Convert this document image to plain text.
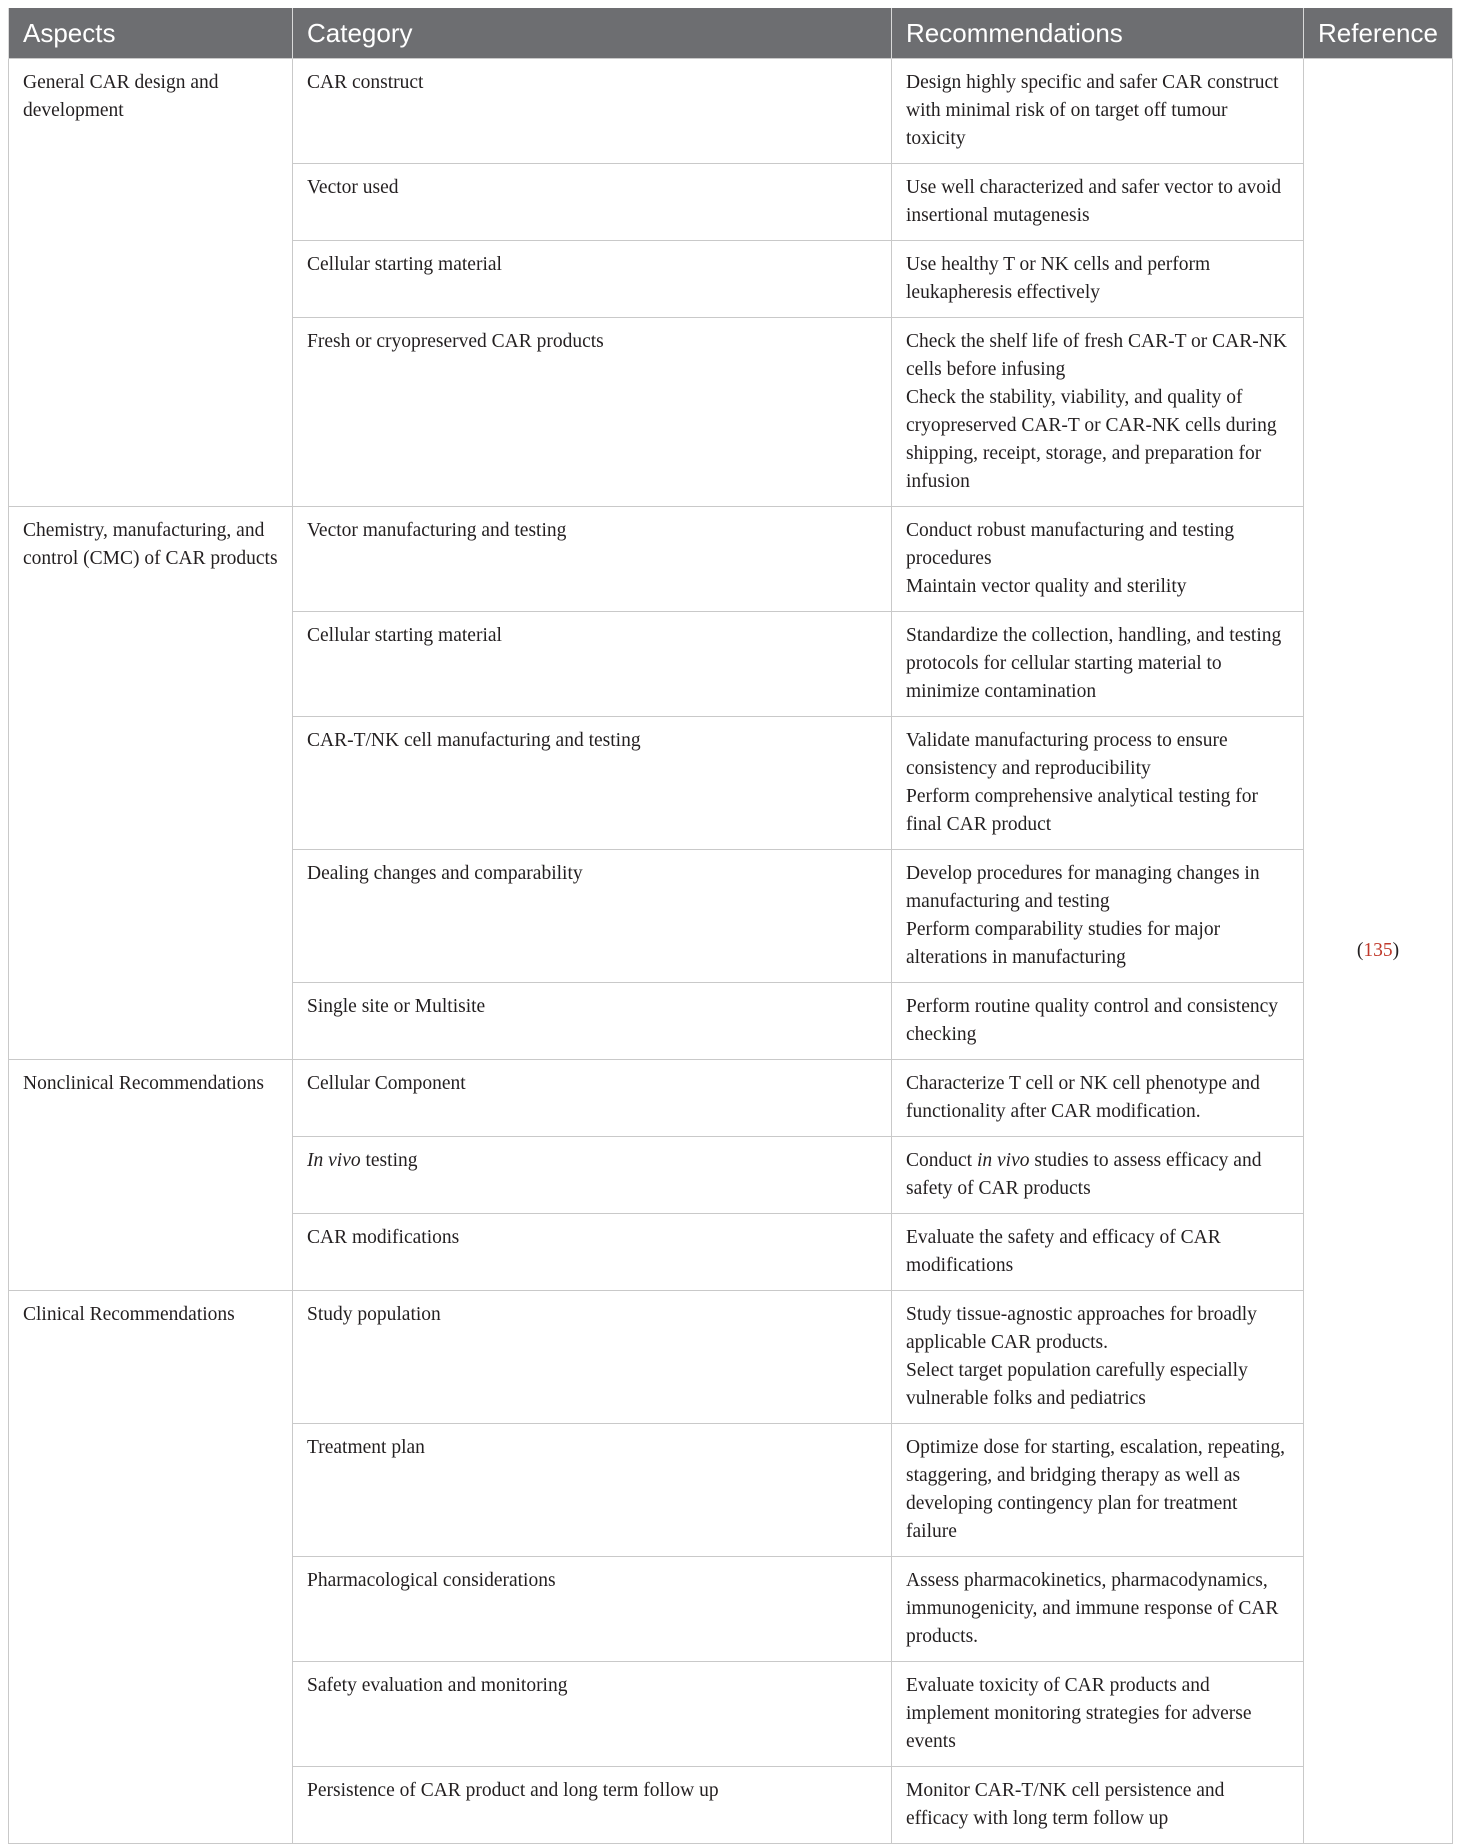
Aspects	Category	Recommendations	Reference
General CAR design and development	CAR construct	Design highly specific and safer CAR construct with minimal risk of on target off tumour toxicity	(135)
	Vector used	Use well characterized and safer vector to avoid insertional mutagenesis	

	Cellular starting material	Use healthy T or NK cells and perform leukapheresis effectively	

	Fresh or cryopreserved CAR products	Check the shelf life of fresh CAR-T or CAR-NK cells before infusing
Check the stability, viability, and quality of cryopreserved CAR-T or CAR-NK cells during shipping, receipt, storage, and preparation for infusion	

Chemistry, manufacturing, and control (CMC) of CAR products	Vector manufacturing and testing	Conduct robust manufacturing and testing procedures
Maintain vector quality and sterility	

	Cellular starting material	Standardize the collection, handling, and testing protocols for cellular starting material to minimize contamination	

	CAR-T/NK cell manufacturing and testing	Validate manufacturing process to ensure consistency and reproducibility
Perform comprehensive analytical testing for final CAR product	

	Dealing changes and comparability	Develop procedures for managing changes in manufacturing and testing
Perform comparability studies for major alterations in manufacturing	

	Single site or Multisite	Perform routine quality control and consistency checking	

Nonclinical Recommendations	Cellular Component	Characterize T cell or NK cell phenotype and functionality after CAR modification.	

	In vivo testing	Conduct in vivo studies to assess efficacy and safety of CAR products	
	CAR modifications	Evaluate the safety and efficacy of CAR modifications	

Clinical Recommendations	Study population	Study tissue-agnostic approaches for broadly applicable CAR products.
Select target population carefully especially vulnerable folks and pediatrics	

	Treatment plan	Optimize dose for starting, escalation, repeating, staggering, and bridging therapy as well as developing contingency plan for treatment failure	

	Pharmacological considerations	Assess pharmacokinetics, pharmacodynamics, immunogenicity, and immune response of CAR products.	

	Safety evaluation and monitoring	Evaluate toxicity of CAR products and implement monitoring strategies for adverse events	

	Persistence of CAR product and long term follow up	Monitor CAR-T/NK cell persistence and efficacy with long term follow up	
